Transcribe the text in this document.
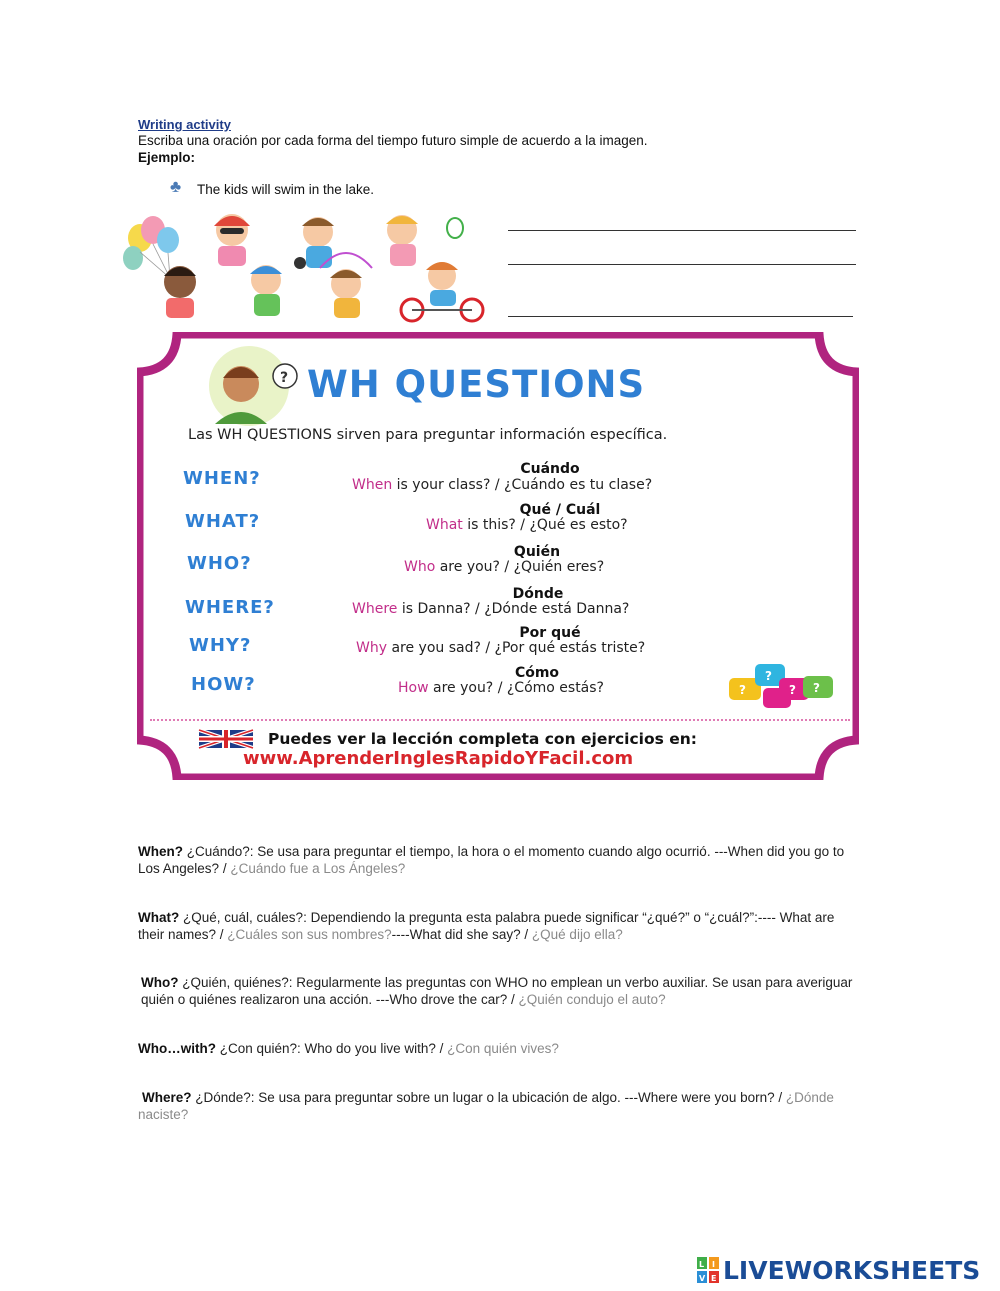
Writing activity
Escriba una oración por cada forma del tiempo futuro simple de acuerdo a la imagen.
Ejemplo:
♣ The kids will swim in the lake.
?
?
?
? ?
WH QUESTIONS
Las WH QUESTIONS sirven para preguntar información específica.
WHEN?	Cuándo
When is your class? / ¿Cuándo es tu clase?
WHAT?
Qué / Cuál
What is this? / ¿Qué es esto?
WHO?
Quién
Who are you? / ¿Quién eres?
WHERE?
Dónde
Where is Danna? / ¿Dónde está Danna?
WHY?
Por qué
Why are you sad? / ¿Por qué estás triste?
HOW?
Cómo
How are you? / ¿Cómo estás?
Puedes ver la lección completa con ejercicios en:
www.AprenderInglesRapidoYFacil.com
When? ¿Cuándo?: Se usa para preguntar el tiempo, la hora o el momento cuando algo ocurrió. ---When did you go to Los Angeles? / ¿Cuándo fue a Los Ángeles?
What? ¿Qué, cuál, cuáles?: Dependiendo la pregunta esta palabra puede significar “¿qué?” o “¿cuál?”:---- What are their names? / ¿Cuáles son sus nombres?----What did she say? / ¿Qué dijo ella?
Who? ¿Quién, quiénes?: Regularmente las preguntas con WHO no emplean un verbo auxiliar. Se usan para averiguar quién o quiénes realizaron una acción. ---Who drove the car? / ¿Quién condujo el auto?
Who…with? ¿Con quién?: Who do you live with? / ¿Con quién vives?
Where? ¿Dónde?: Se usa para preguntar sobre un lugar o la ubicación de algo. ---Where were you born? / ¿Dónde naciste?
L I
V E LIVEWORKSHEETS
